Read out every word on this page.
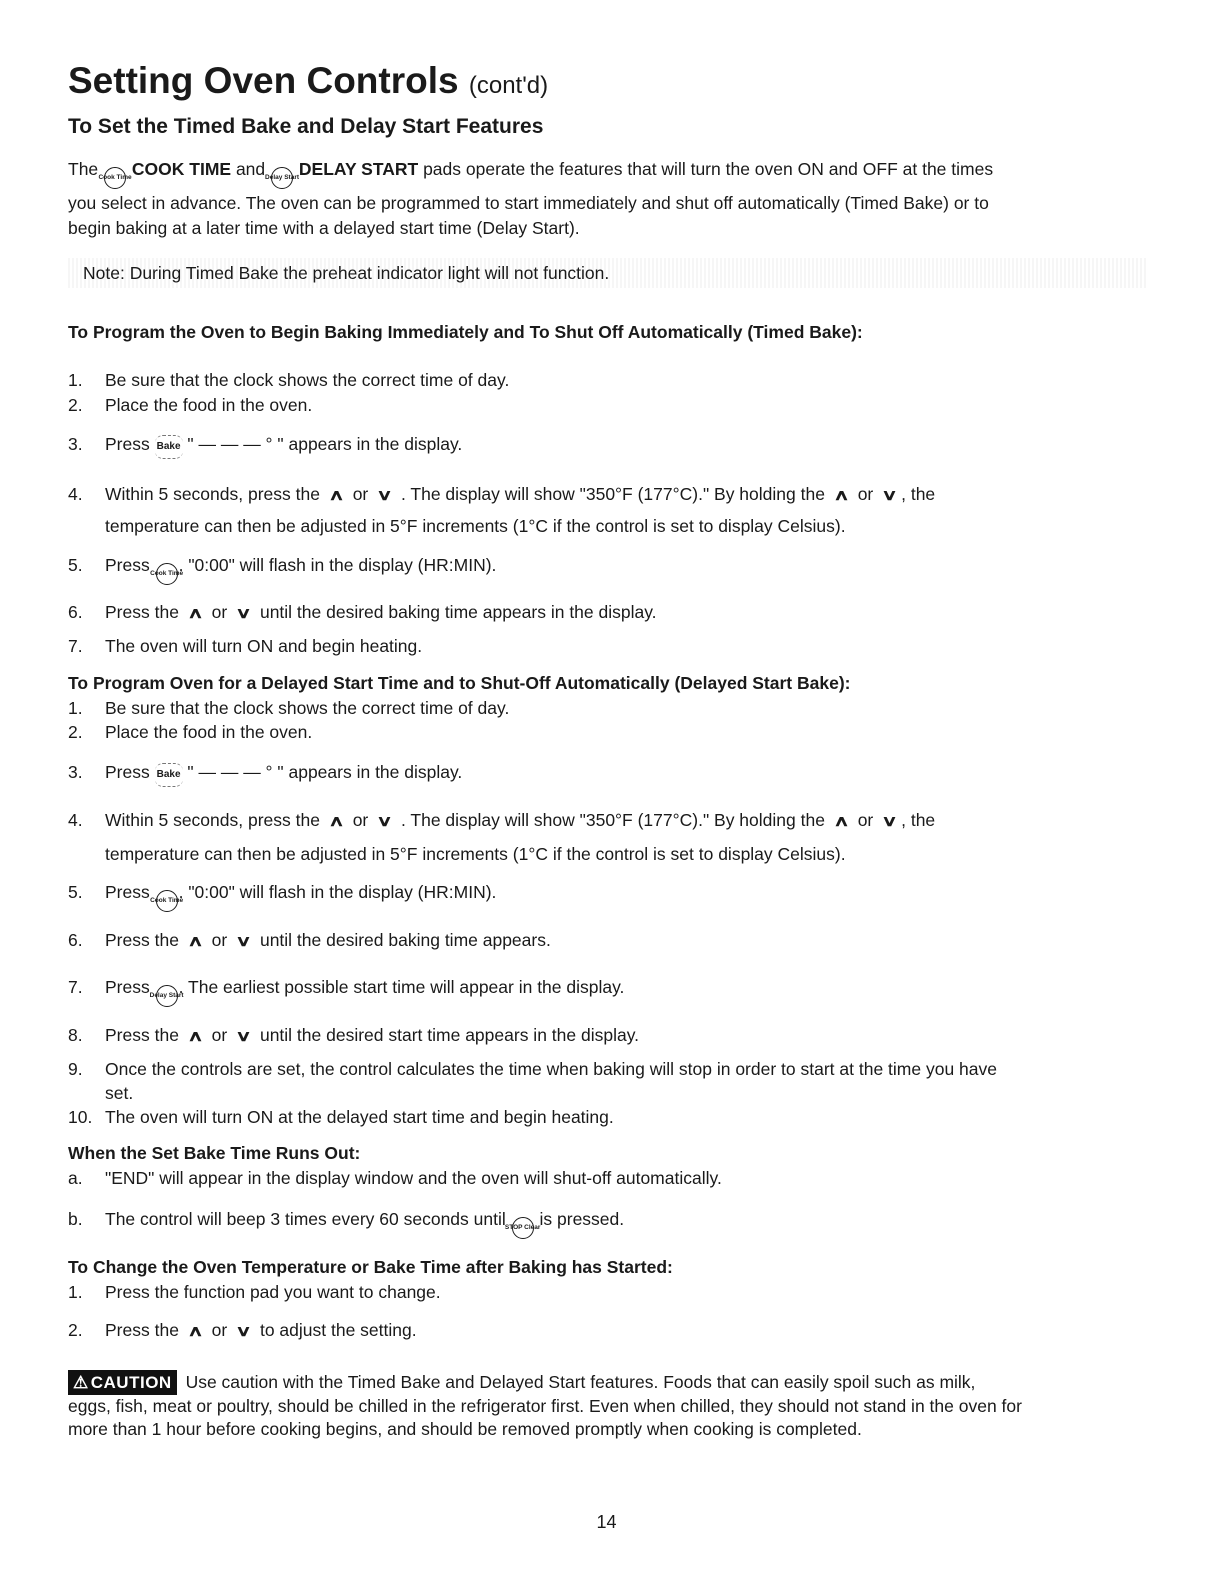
Setting Oven Controls (cont'd)
To Set the Timed Bake and Delay Start Features
The Cook Time COOK TIME and Delay Start DELAY START pads operate the features that will turn the oven ON and OFF at the times
you select in advance. The oven can be programmed to start immediately and shut off automatically (Timed Bake) or to
begin baking at a later time with a delayed start time (Delay Start).
Note: During Timed Bake the preheat indicator light will not function.
To Program the Oven to Begin Baking Immediately and To Shut Off Automatically (Timed Bake):
1.	Be sure that the clock shows the correct time of day.
2.	Place the food in the oven.
3.	Press Bake " — — — ° " appears in the display.
4.	Within 5 seconds, press the ∧ or ∨ . The display will show "350°F (177°C)." By holding the ∧ or ∨ , the
temperature can then be adjusted in 5°F increments (1°C if the control is set to display Celsius).
5.	Press Cook Time. "0:00" will flash in the display (HR:MIN).
6.	Press the ∧ or ∨ until the desired baking time appears in the display.
7.	The oven will turn ON and begin heating.
To Program Oven for a Delayed Start Time and to Shut-Off Automatically (Delayed Start Bake):
1.	Be sure that the clock shows the correct time of day.
2.	Place the food in the oven.
3.	Press Bake " — — — ° " appears in the display.
4.	Within 5 seconds, press the ∧ or ∨ . The display will show "350°F (177°C)." By holding the ∧ or ∨ , the
temperature can then be adjusted in 5°F increments (1°C if the control is set to display Celsius).
5.	Press Cook Time. "0:00" will flash in the display (HR:MIN).
6.	Press the ∧ or ∨ until the desired baking time appears.
7.	Press Delay Start. The earliest possible start time will appear in the display.
8.	Press the ∧ or ∨ until the desired start time appears in the display.
9.	Once the controls are set, the control calculates the time when baking will stop in order to start at the time you have
set.
10. The oven will turn ON at the delayed start time and begin heating.
When the Set Bake Time Runs Out:
a.	"END" will appear in the display window and the oven will shut-off automatically.
b.	The control will beep 3 times every 60 seconds until STOP Clear is pressed.
To Change the Oven Temperature or Bake Time after Baking has Started:
1.	Press the function pad you want to change.
2.	Press the ∧ or ∨ to adjust the setting.
⚠ CAUTION Use caution with the Timed Bake and Delayed Start features. Foods that can easily spoil such as milk,
eggs, fish, meat or poultry, should be chilled in the refrigerator first. Even when chilled, they should not stand in the oven for
more than 1 hour before cooking begins, and should be removed promptly when cooking is completed.
14
